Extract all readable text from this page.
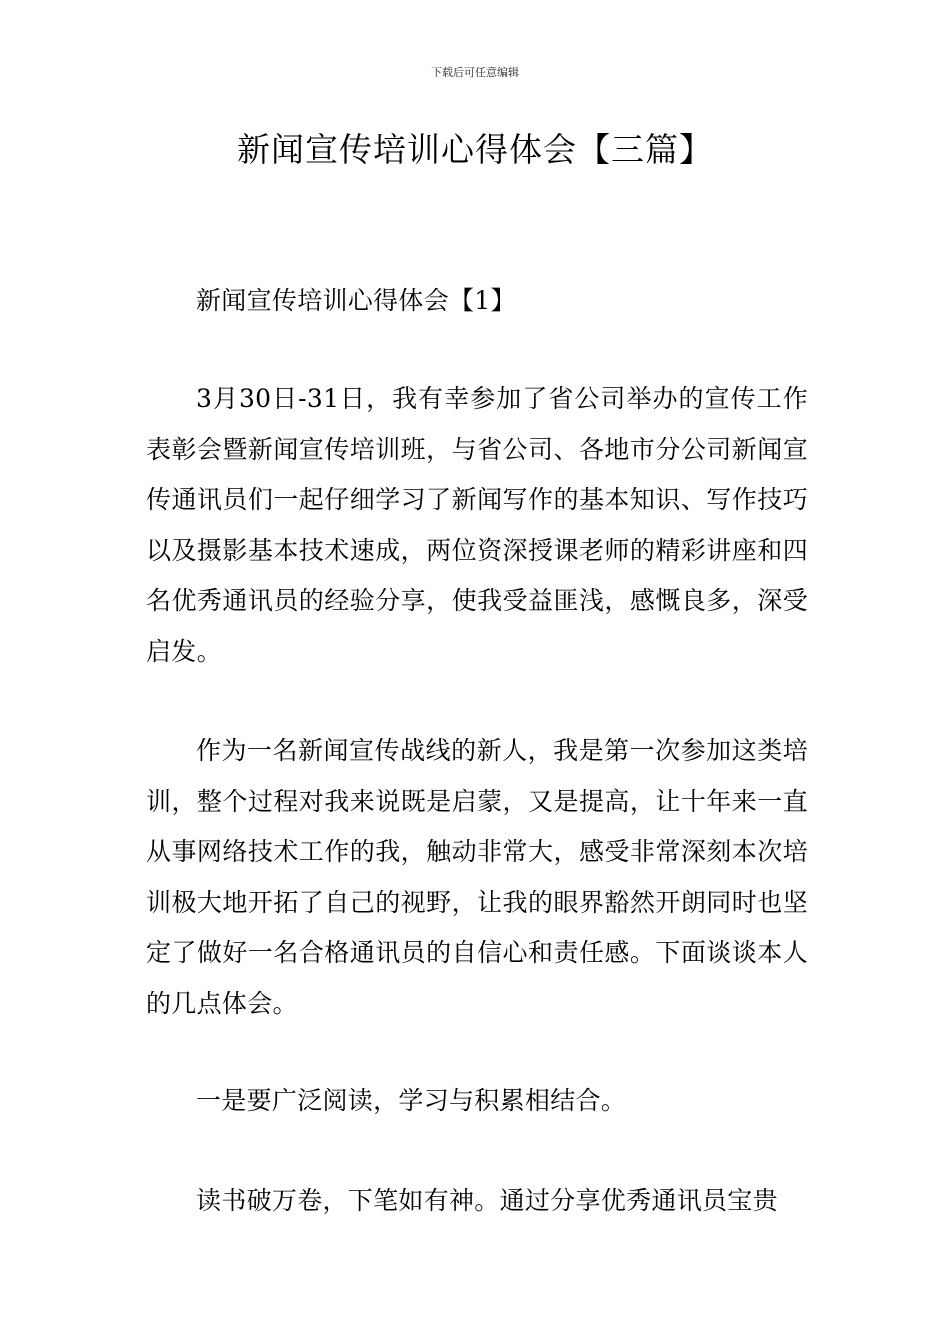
下载后可任意编辑
新闻宣传培训心得体会【三篇】

新闻宣传培训心得体会【1】

3月30日-31日，我有幸参加了省公司举办的宣传工作表彰会暨新闻宣传培训班，与省公司、各地市分公司新闻宣传通讯员们一起仔细学习了新闻写作的基本知识、写作技巧以及摄影基本技术速成，两位资深授课老师的精彩讲座和四名优秀通讯员的经验分享，使我受益匪浅，感慨良多，深受启发。

作为一名新闻宣传战线的新人，我是第一次参加这类培训，整个过程对我来说既是启蒙，又是提高，让十年来一直从事网络技术工作的我，触动非常大，感受非常深刻本次培训极大地开拓了自己的视野，让我的眼界豁然开朗同时也坚定了做好一名合格通讯员的自信心和责任感。下面谈谈本人的几点体会。

一是要广泛阅读，学习与积累相结合。

读书破万卷，下笔如有神。通过分享优秀通讯员宝贵
